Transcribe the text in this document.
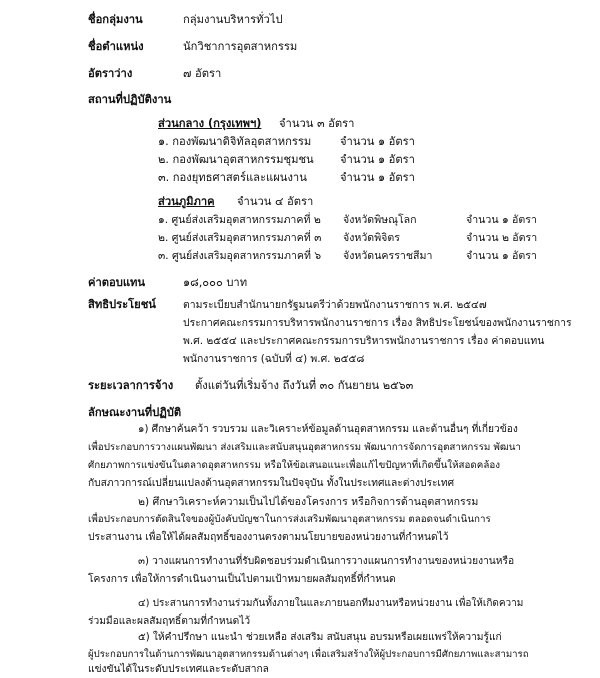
ชื่อกลุ่มงาน	กลุ่มงานบริหารทั่วไป
ชื่อตำแหน่ง	นักวิชาการอุตสาหกรรม
อัตราว่าง	๗ อัตรา
สถานที่ปฏิบัติงาน
ส่วนกลาง (กรุงเทพฯ) จำนวน ๓ อัตรา
๑. กองพัฒนาดิจิทัลอุตสาหกรรม	จำนวน ๑ อัตรา
๒. กองพัฒนาอุตสาหกรรมชุมชน จำนวน ๑ อัตรา
๓. กองยุทธศาสตร์และแผนงาน	จำนวน ๑ อัตรา
ส่วนภูมิภาค จำนวน ๔ อัตรา
๑. ศูนย์ส่งเสริมอุตสาหกรรมภาคที่ ๒ จังหวัดพิษณุโลก	จำนวน ๑ อัตรา
๒. ศูนย์ส่งเสริมอุตสาหกรรมภาคที่ ๓ จังหวัดพิจิตร	จำนวน ๒ อัตรา
๓. ศูนย์ส่งเสริมอุตสาหกรรมภาคที่ ๖ จังหวัดนครราชสีมา	จำนวน ๑ อัตรา
ค่าตอบแทน	๑๘,๐๐๐ บาท
สิทธิประโยชน์	ตามระเบียบสำนักนายกรัฐมนตรีว่าด้วยพนักงานราชการ พ.ศ. ๒๕๔๗
ประกาศคณะกรรมการบริหารพนักงานราชการ เรื่อง สิทธิประโยชน์ของพนักงานราชการ
พ.ศ. ๒๕๕๔ และประกาศคณะกรรมการบริหารพนักงานราชการ เรื่อง ค่าตอบแทน
พนักงานราชการ (ฉบับที่ ๔) พ.ศ. ๒๕๕๘
ระยะเวลาการจ้าง ตั้งแต่วันที่เริ่มจ้าง ถึงวันที่ ๓๐ กันยายน ๒๕๖๓
ลักษณะงานที่ปฏิบัติ
๑) ศึกษาค้นคว้า รวบรวม และวิเคราะห์ข้อมูลด้านอุตสาหกรรม และด้านอื่นๆ ที่เกี่ยวข้อง
เพื่อประกอบการวางแผนพัฒนา ส่งเสริมและสนับสนุนอุตสาหกรรม พัฒนาการจัดการอุตสาหกรรม พัฒนา
ศักยภาพการแข่งขันในตลาดอุตสาหกรรม หรือให้ข้อเสนอแนะเพื่อแก้ไขปัญหาที่เกิดขึ้นให้สอดคล้อง
กับสภาวการณ์เปลี่ยนแปลงด้านอุตสาหกรรมในปัจจุบัน ทั้งในประเทศและต่างประเทศ
๒) ศึกษาวิเคราะห์ความเป็นไปได้ของโครงการ หรือกิจการด้านอุตสาหกรรม
เพื่อประกอบการตัดสินใจของผู้บังคับบัญชาในการส่งเสริมพัฒนาอุตสาหกรรม ตลอดจนดำเนินการ
ประสานงาน เพื่อให้ได้ผลสัมฤทธิ์ของงานตรงตามนโยบายของหน่วยงานที่กำหนดไว้
๓) วางแผนการทำงานที่รับผิดชอบร่วมดำเนินการวางแผนการทำงานของหน่วยงานหรือ
โครงการ เพื่อให้การดำเนินงานเป็นไปตามเป้าหมายผลสัมฤทธิ์ที่กำหนด
๔) ประสานการทำงานร่วมกันทั้งภายในและภายนอกทีมงานหรือหน่วยงาน เพื่อให้เกิดความ
ร่วมมือและผลสัมฤทธิ์ตามที่กำหนดไว้
๕) ให้คำปรึกษา แนะนำ ช่วยเหลือ ส่งเสริม สนับสนุน อบรมหรือเผยแพร่ให้ความรู้แก่
ผู้ประกอบการในด้านการพัฒนาอุตสาหกรรมด้านต่างๆ เพื่อเสริมสร้างให้ผู้ประกอบการมีศักยภาพและสามารถ
แข่งขันได้ในระดับประเทศและระดับสากล
